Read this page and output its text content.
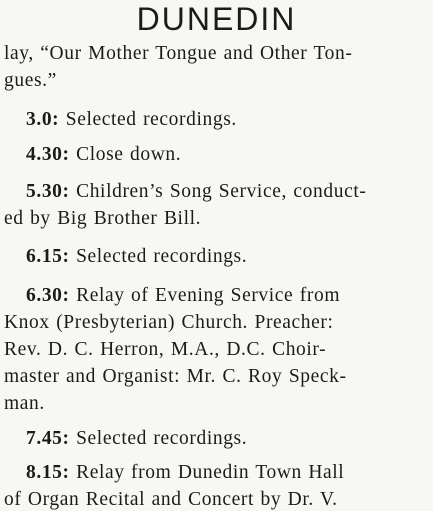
DUNEDIN
lay, “Our Mother Tongue and Other Ton-
gues.”
3.0: Selected recordings.
4.30: Close down.
5.30: Children’s Song Service, conduct-
ed by Big Brother Bill.
6.15: Selected recordings.
6.30: Relay of Evening Service from
Knox (Presbyterian) Church. Preacher:
Rev. D. C. Herron, M.A., D.C. Choir-
master and Organist: Mr. C. Roy Speck-
man.
7.45: Selected recordings.
8.15: Relay from Dunedin Town Hall
of Organ Recital and Concert by Dr. V.
